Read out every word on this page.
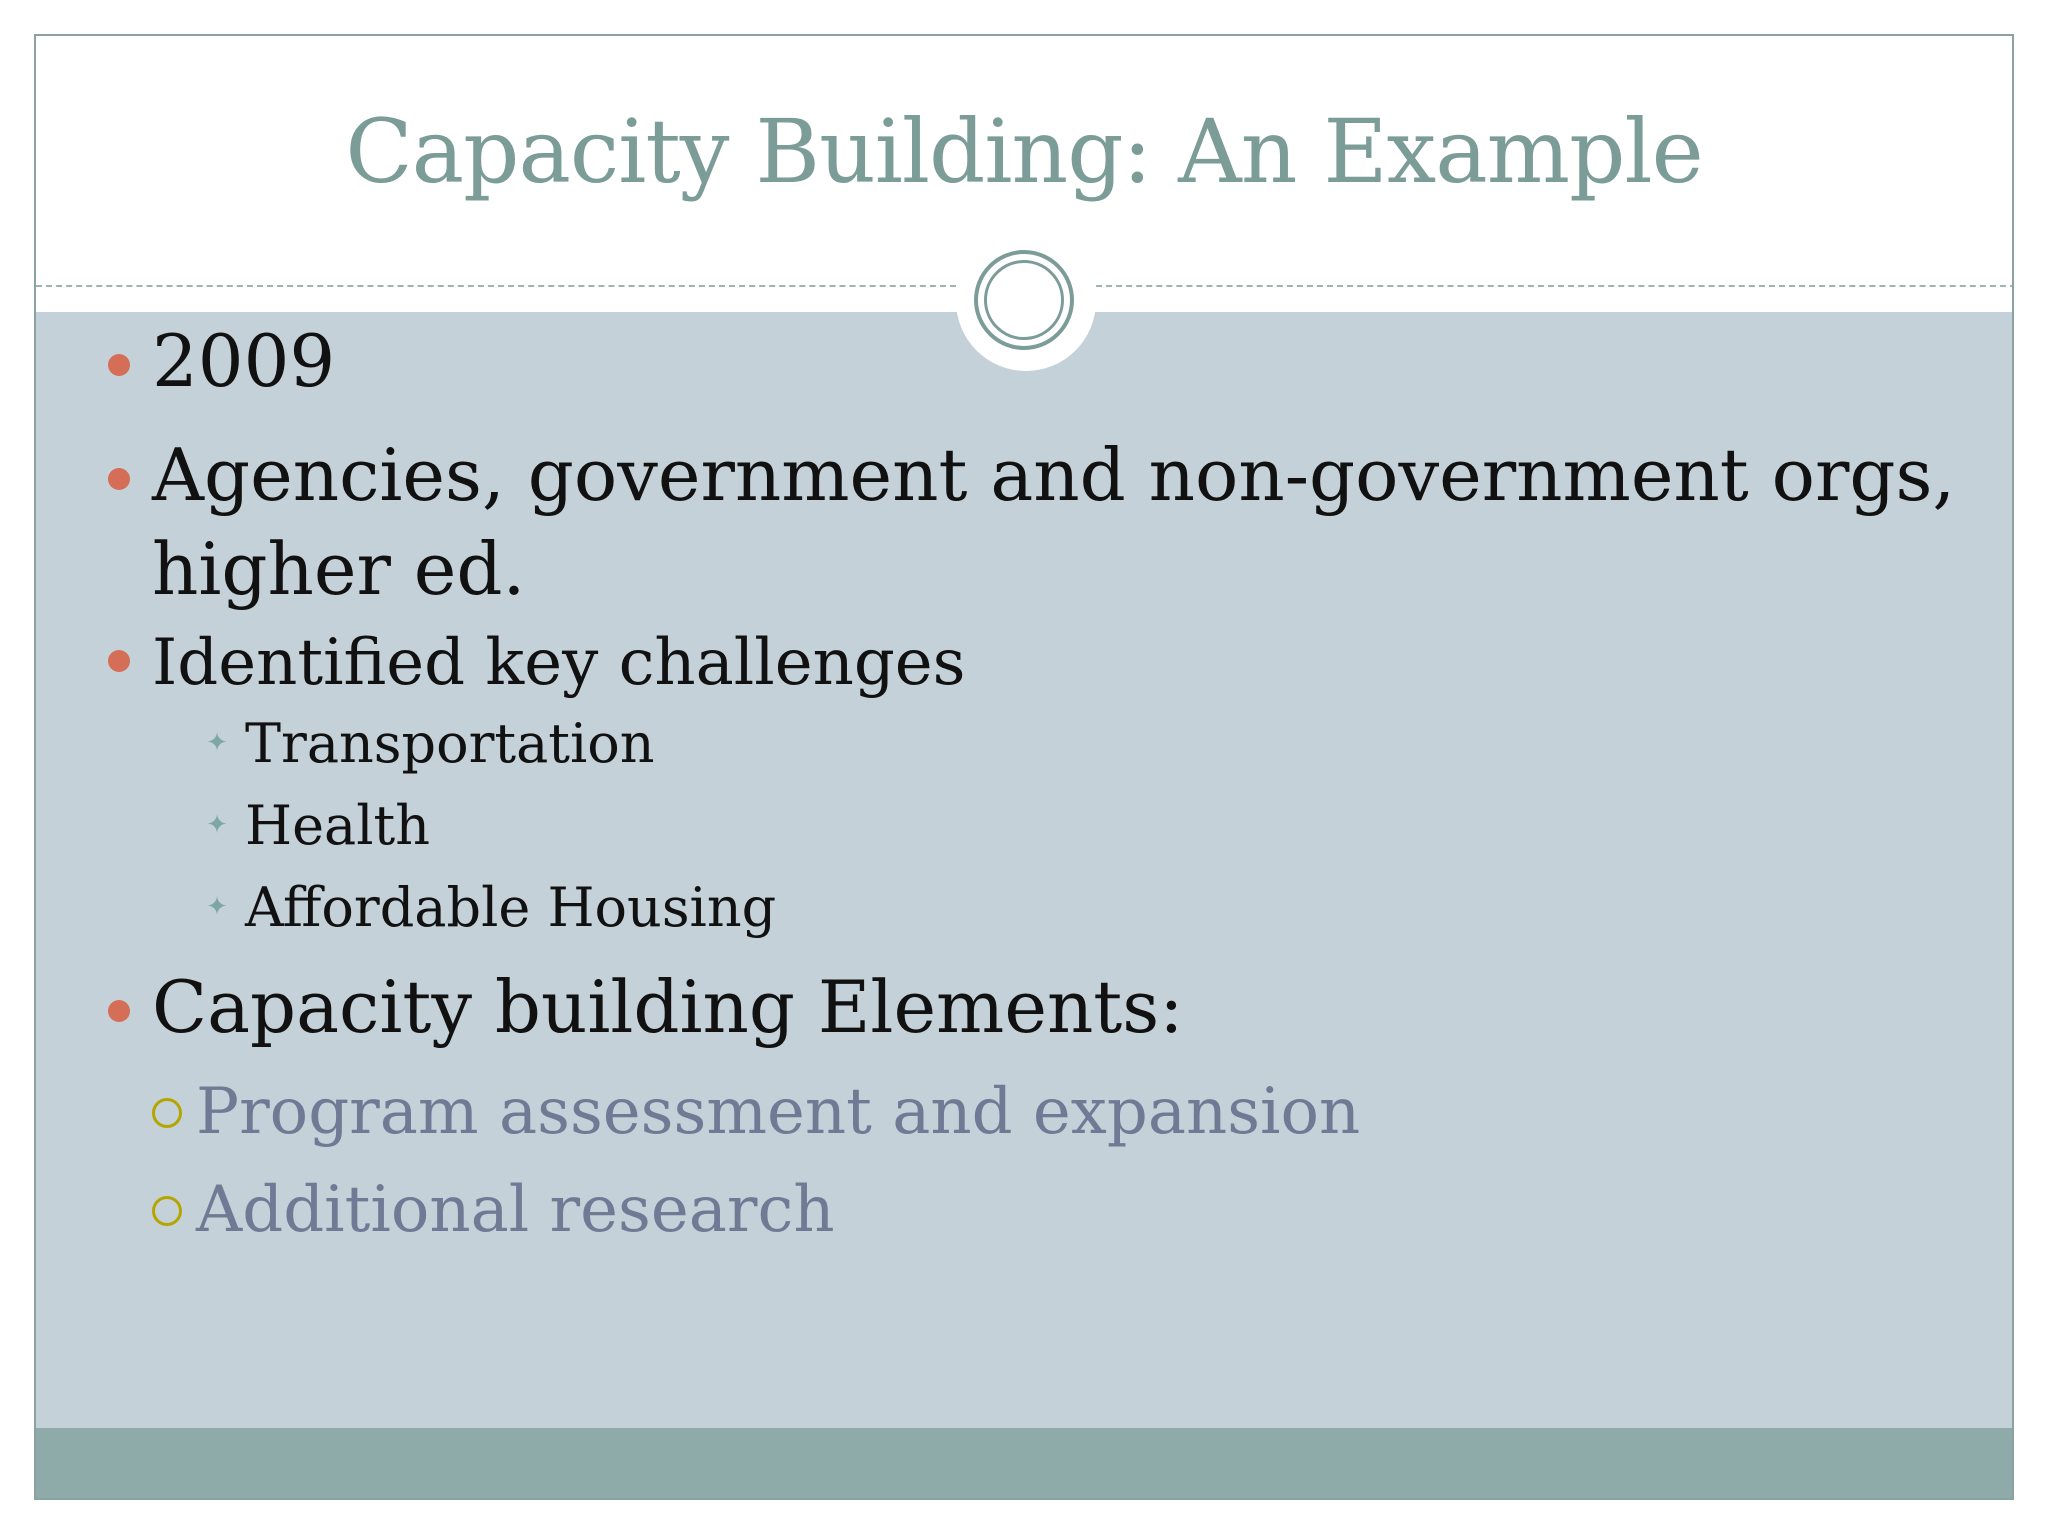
Capacity Building: An Example
2009
Agencies, government and non-government orgs,
higher ed.
Identified key challenges
✦ Transportation
✦ Health
✦ Affordable Housing
Capacity building Elements:
Program assessment and expansion
Additional research
